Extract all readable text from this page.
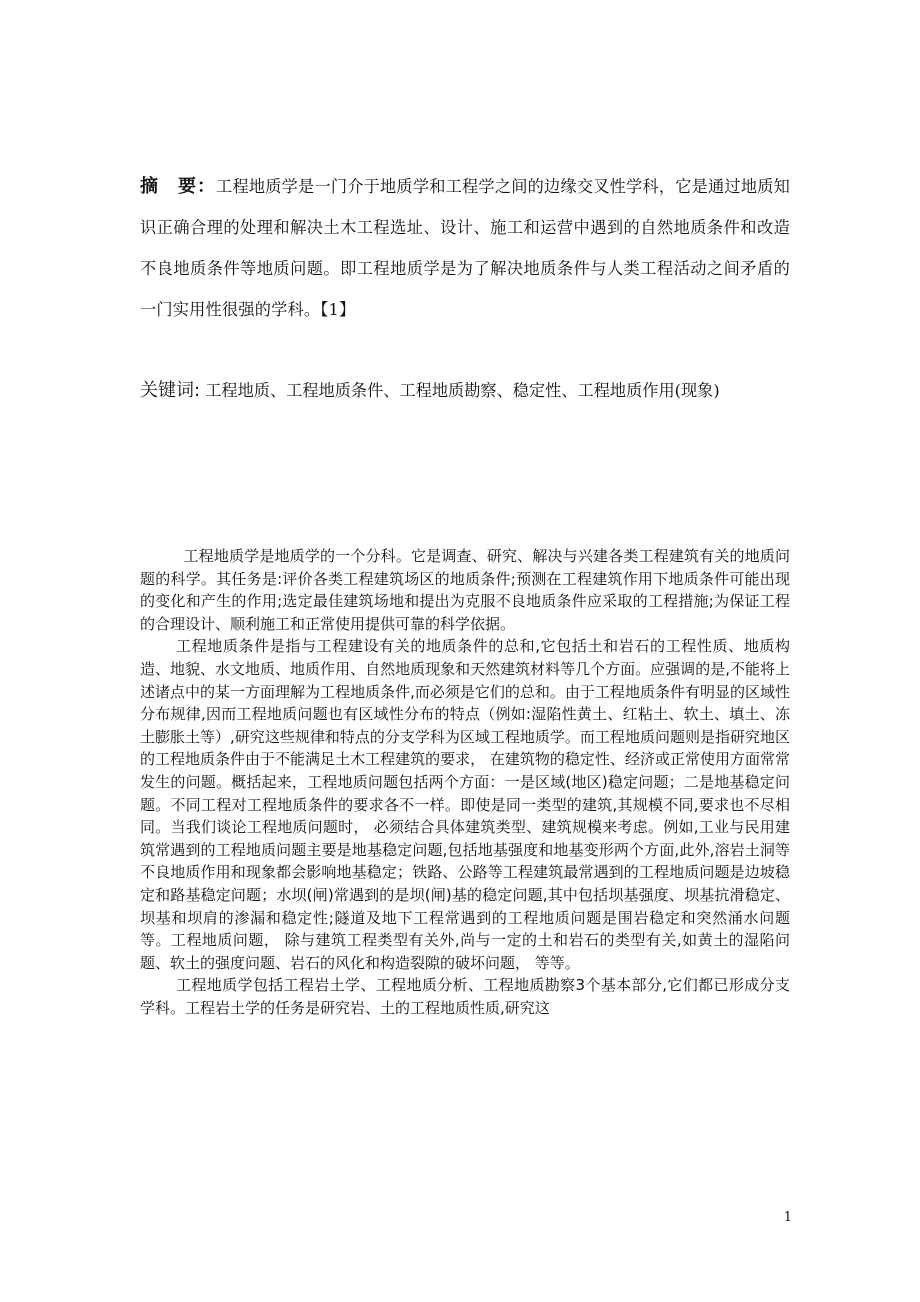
摘　要：工程地质学是一门介于地质学和工程学之间的边缘交叉性学科，它是通过地质知识正确合理的处理和解决土木工程选址、设计、施工和运营中遇到的自然地质条件和改造不良地质条件等地质问题。即工程地质学是为了解决地质条件与人类工程活动之间矛盾的一门实用性很强的学科。【1】
关键词: 工程地质、工程地质条件、工程地质勘察、稳定性、工程地质作用(现象)

工程地质学是地质学的一个分科。它是调查、研究、解决与兴建各类工程建筑有关的地质问题的科学。其任务是:评价各类工程建筑场区的地质条件;预测在工程建筑作用下地质条件可能出现的变化和产生的作用;选定最佳建筑场地和提出为克服不良地质条件应采取的工程措施;为保证工程的合理设计、顺利施工和正常使用提供可靠的科学依据。

工程地质条件是指与工程建设有关的地质条件的总和,它包括土和岩石的工程性质、地质构造、地貌、水文地质、地质作用、自然地质现象和天然建筑材料等几个方面。应强调的是,不能将上述诸点中的某一方面理解为工程地质条件,而必须是它们的总和。由于工程地质条件有明显的区域性分布规律,因而工程地质问题也有区域性分布的特点（例如:湿陷性黄土、红粘土、软土、填土、冻土膨胀土等）,研究这些规律和特点的分支学科为区域工程地质学。而工程地质问题则是指研究地区的工程地质条件由于不能满足土木工程建筑的要求， 在建筑物的稳定性、经济或正常使用方面常常发生的问题。概括起来，工程地质问题包括两个方面：一是区域(地区)稳定问题；二是地基稳定问题。不同工程对工程地质条件的要求各不一样。即使是同一类型的建筑,其规模不同,要求也不尽相同。当我们谈论工程地质问题时， 必须结合具体建筑类型、建筑规模来考虑。例如,工业与民用建筑常遇到的工程地质问题主要是地基稳定问题,包括地基强度和地基变形两个方面,此外,溶岩土洞等不良地质作用和现象都会影响地基稳定；铁路、公路等工程建筑最常遇到的工程地质问题是边坡稳定和路基稳定问题；水坝(闸)常遇到的是坝(闸)基的稳定问题,其中包括坝基强度、坝基抗滑稳定、坝基和坝肩的渗漏和稳定性;隧道及地下工程常遇到的工程地质问题是围岩稳定和突然涌水问题等。工程地质问题， 除与建筑工程类型有关外,尚与一定的土和岩石的类型有关,如黄土的湿陷问题、软土的强度问题、岩石的风化和构造裂隙的破坏问题， 等等。

工程地质学包括工程岩土学、工程地质分析、工程地质勘察3个基本部分,它们都已形成分支学科。工程岩土学的任务是研究岩、土的工程地质性质,研究这

1
